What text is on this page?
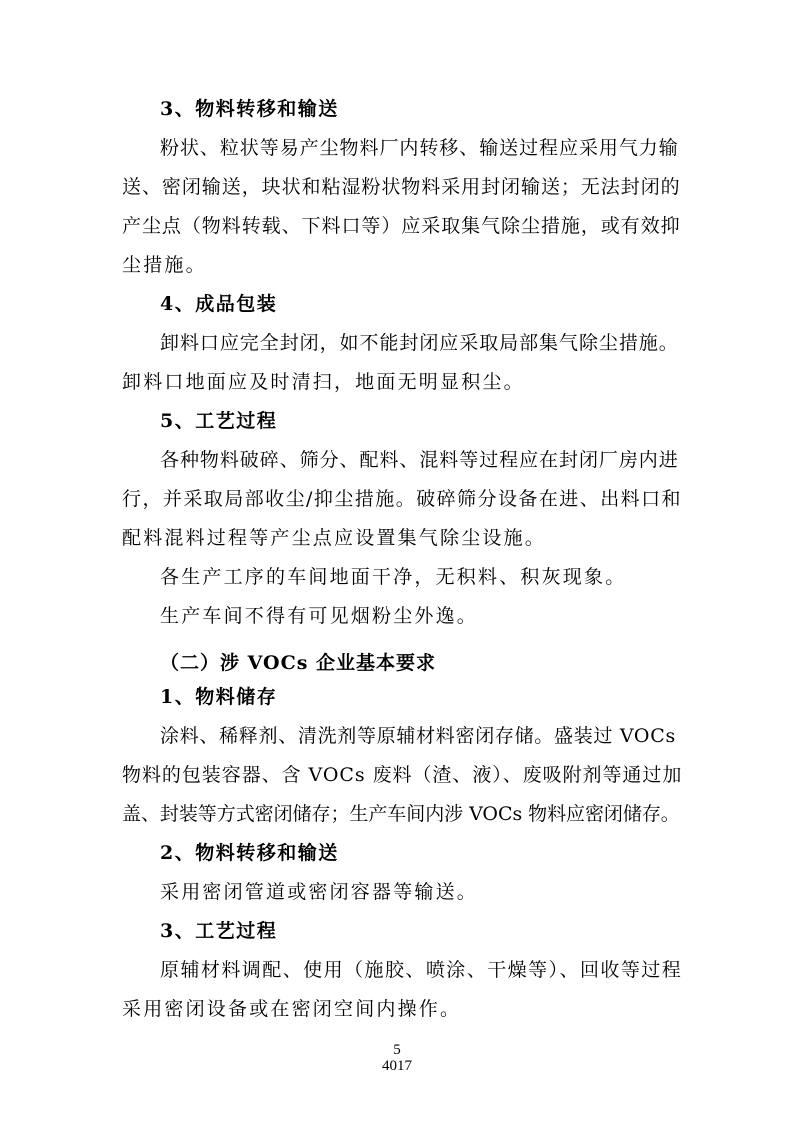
3、物料转移和输送
粉状、粒状等易产尘物料厂内转移、输送过程应采用气力输
送、密闭输送，块状和粘湿粉状物料采用封闭输送；无法封闭的
产尘点（物料转载、下料口等）应采取集气除尘措施，或有效抑
尘措施。
4、成品包装
卸料口应完全封闭，如不能封闭应采取局部集气除尘措施。
卸料口地面应及时清扫，地面无明显积尘。
5、工艺过程
各种物料破碎、筛分、配料、混料等过程应在封闭厂房内进
行，并采取局部收尘/抑尘措施。破碎筛分设备在进、出料口和
配料混料过程等产尘点应设置集气除尘设施。
各生产工序的车间地面干净，无积料、积灰现象。
生产车间不得有可见烟粉尘外逸。
（二）涉 VOCs 企业基本要求
1、物料储存
涂料、稀释剂、清洗剂等原辅材料密闭存储。盛装过 VOCs
物料的包装容器、含 VOCs 废料（渣、液）、废吸附剂等通过加
盖、封装等方式密闭储存；生产车间内涉 VOCs 物料应密闭储存。
2、物料转移和输送
采用密闭管道或密闭容器等输送。
3、工艺过程
原辅材料调配、使用（施胶、喷涂、干燥等）、回收等过程
采用密闭设备或在密闭空间内操作。
5
4017
